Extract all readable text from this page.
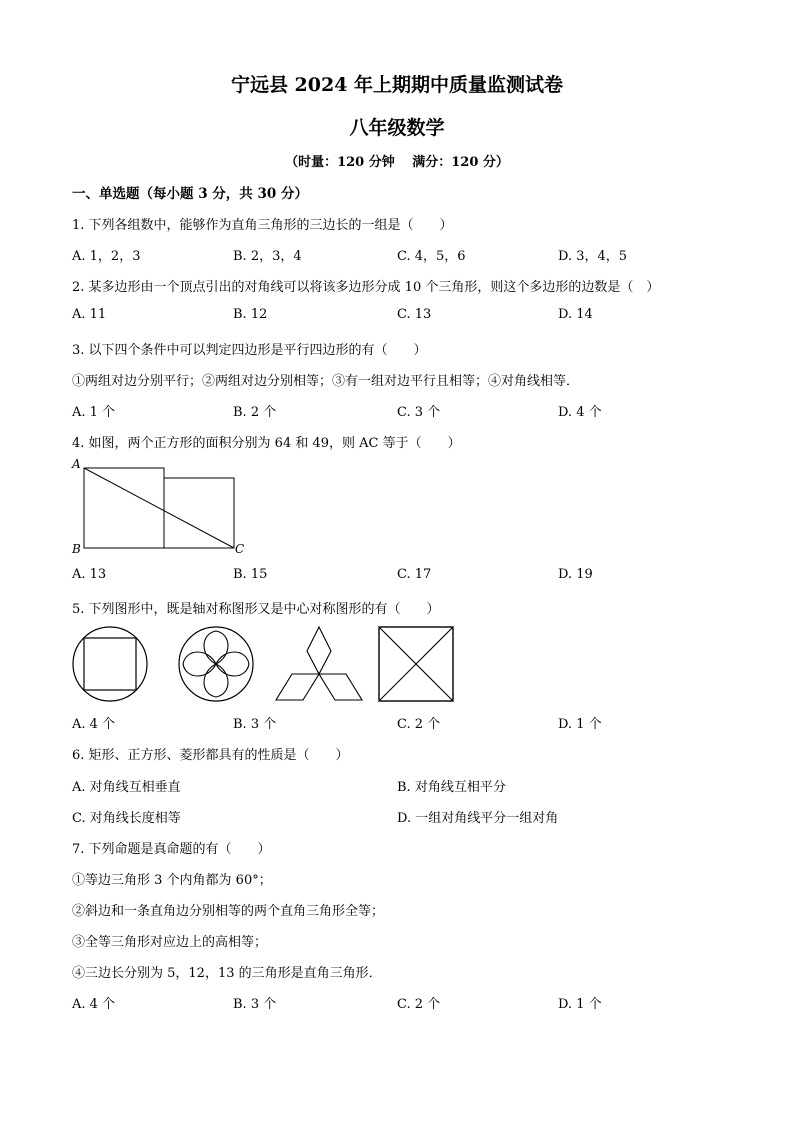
宁远县 2024 年上期期中质量监测试卷
八年级数学
（时量：120 分钟　 满分：120 分）
一、单选题（每小题 3 分，共 30 分）
1. 下列各组数中，能够作为直角三角形的三边长的一组是（　　）
A. 1，2，3	B. 2，3，4	C. 4，5，6	D. 3，4，5
2. 某多边形由一个顶点引出的对角线可以将该多边形分成 10 个三角形，则这个多边形的边数是（　）
A. 11	B. 12	C. 13	D. 14
3. 以下四个条件中可以判定四边形是平行四边形的有（　　）
①两组对边分别平行；②两组对边分别相等；③有一组对边平行且相等；④对角线相等．
A. 1 个	B. 2 个	C. 3 个	D. 4 个
4. 如图，两个正方形的面积分别为 64 和 49，则 AC 等于（　　）
A
B	C
A. 13	B. 15	C. 17	D. 19
5. 下列图形中，既是轴对称图形又是中心对称图形的有（　　）
A. 4 个	B. 3 个	C. 2 个	D. 1 个
6. 矩形、正方形、菱形都具有的性质是（　　）
A. 对角线互相垂直	B. 对角线互相平分
C. 对角线长度相等	D. 一组对角线平分一组对角
7. 下列命题是真命题的有（　　）
①等边三角形 3 个内角都为 60°；
②斜边和一条直角边分别相等的两个直角三角形全等；
③全等三角形对应边上的高相等；
④三边长分别为 5，12，13 的三角形是直角三角形．
A. 4 个	B. 3 个	C. 2 个	D. 1 个
